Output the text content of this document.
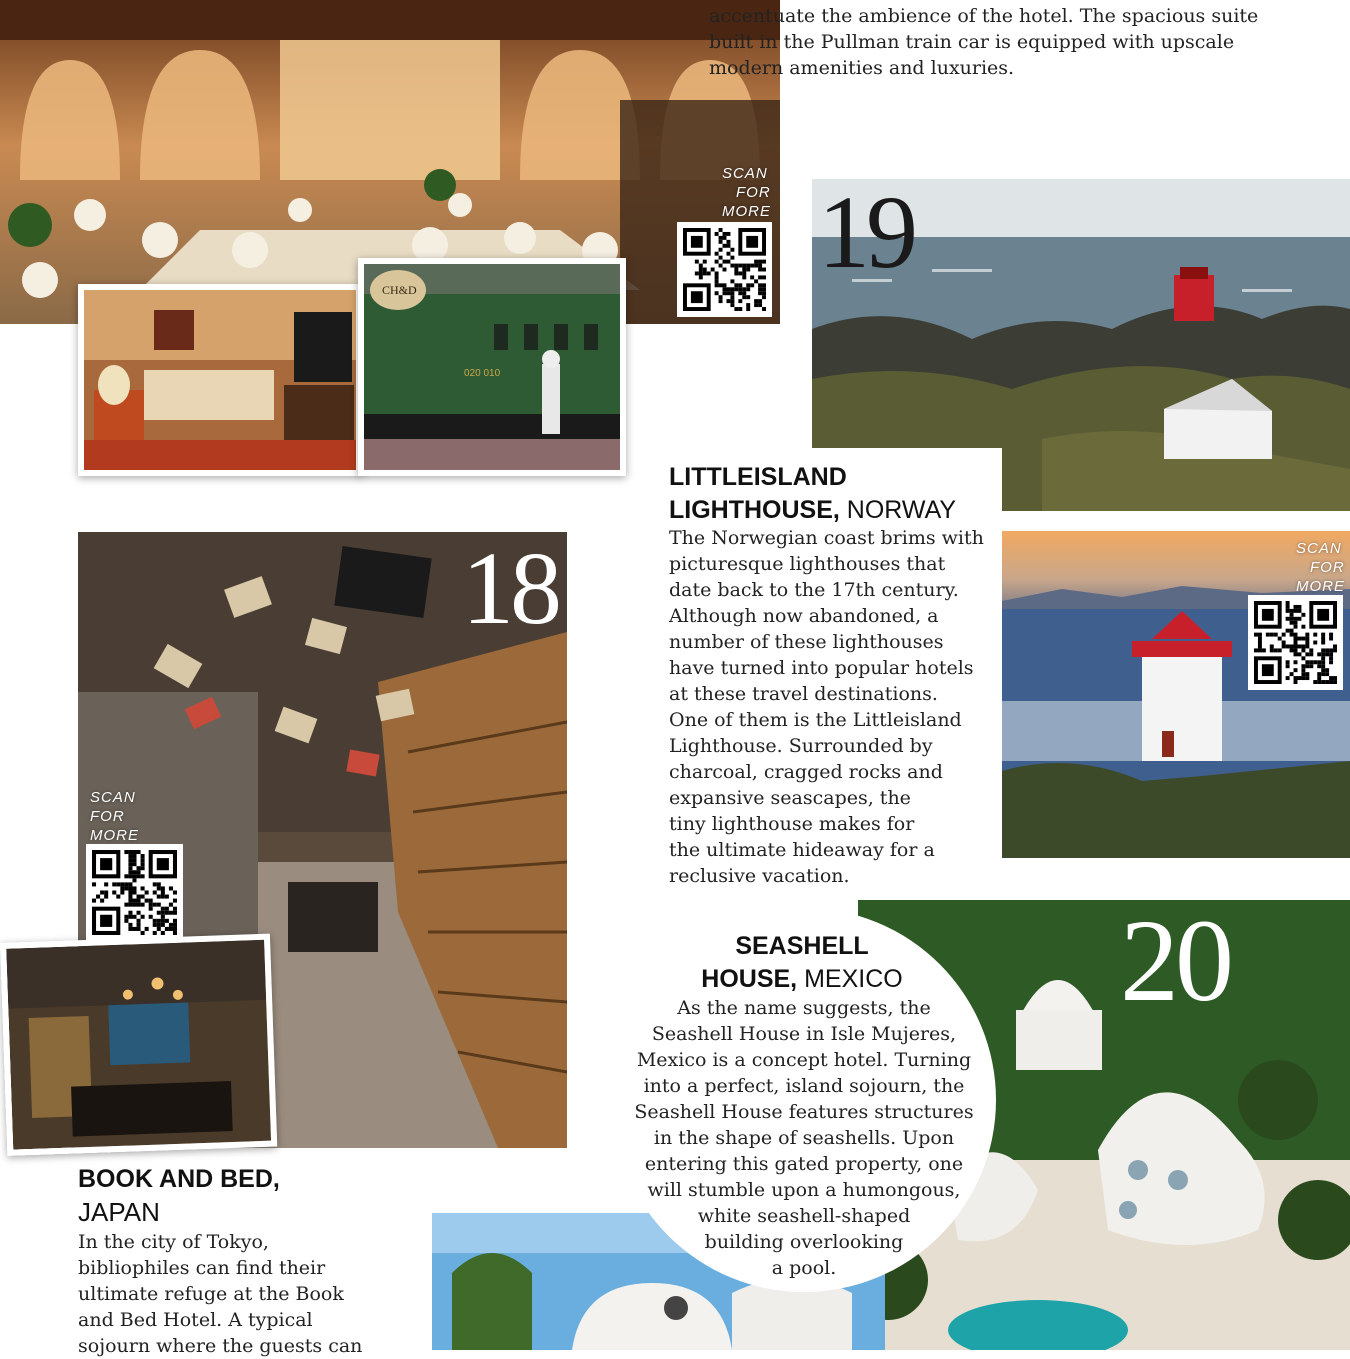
SCAN
FOR
MORE
accentuate the ambience of the hotel. The spacious suite
built in the Pullman train car is equipped with upscale
modern amenities and luxuries.
CH&D
020 010
19
LITTLEISLAND
LIGHTHOUSE, NORWAY
The Norwegian coast brims with
picturesque lighthouses that
date back to the 17th century.
Although now abandoned, a
number of these lighthouses
have turned into popular hotels
at these travel destinations.
One of them is the Littleisland
Lighthouse. Surrounded by
charcoal, cragged rocks and
expansive seascapes, the
tiny lighthouse makes for
the ultimate hideaway for a
reclusive vacation.
SCAN
FOR
MORE
18
SCAN
FOR
MORE
BOOK AND BED,
JAPAN
In the city of Tokyo,
bibliophiles can find their
ultimate refuge at the Book
and Bed Hotel. A typical
sojourn where the guests can
20
SEASHELL
HOUSE, MEXICO
As the name suggests, the
Seashell House in Isle Mujeres,
Mexico is a concept hotel. Turning
into a perfect, island sojourn, the
Seashell House features structures
in the shape of seashells. Upon
entering this gated property, one
will stumble upon a humongous,
white seashell-shaped
building overlooking
a pool.
